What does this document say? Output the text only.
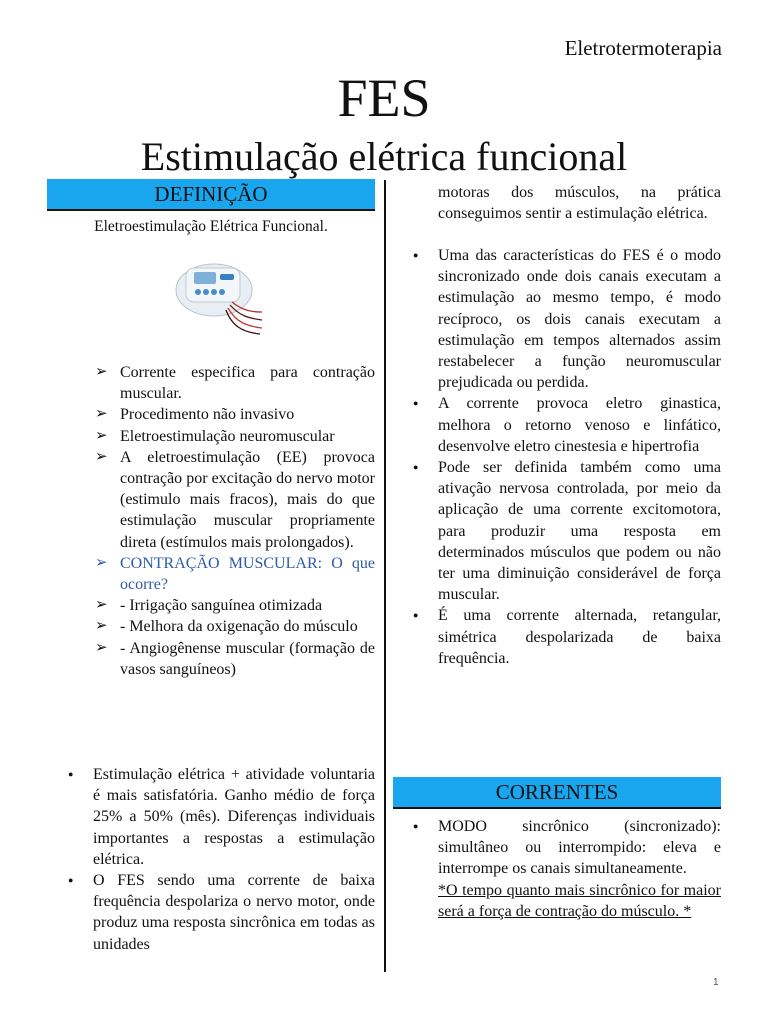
Eletrotermoterapia
FES
Estimulação elétrica funcional
DEFINIÇÃO
Eletroestimulação Elétrica Funcional.
➢ Corrente especifica para contração muscular.
➢ Procedimento não invasivo
➢ Eletroestimulação neuromuscular
➢ A eletroestimulação (EE) provoca contração por excitação do nervo motor (estimulo mais fracos), mais do que estimulação muscular propriamente direta (estímulos mais prolongados).
➢ CONTRAÇÃO MUSCULAR: O que ocorre?
➢ - Irrigação sanguínea otimizada
➢ - Melhora da oxigenação do músculo
➢ - Angiogênense muscular (formação de vasos sanguíneos)
●	Estimulação elétrica + atividade voluntaria é mais satisfatória. Ganho médio de força 25% a 50% (mês). Diferenças individuais importantes a respostas a estimulação elétrica.
●	O FES sendo uma corrente de baixa frequência despolariza o nervo motor, onde produz uma resposta sincrônica em todas as unidades
motoras dos músculos, na prática conseguimos sentir a estimulação elétrica.
●	Uma das características do FES é o modo sincronizado onde dois canais executam a estimulação ao mesmo tempo, é modo recíproco, os dois canais executam a estimulação em tempos alternados assim restabelecer a função neuromuscular prejudicada ou perdida.
●	A corrente provoca eletro ginastica, melhora o retorno venoso e linfático, desenvolve eletro cinestesia e hipertrofia
●	Pode ser definida também como uma ativação nervosa controlada, por meio da aplicação de uma corrente excitomotora, para produzir uma resposta em determinados músculos que podem ou não ter uma diminuição considerável de força muscular.
●	É uma corrente alternada, retangular, simétrica despolarizada de baixa frequência.
CORRENTES
●	MODO sincrônico (sincronizado): simultâneo ou interrompido: eleva e interrompe os canais simultaneamente.
*O tempo quanto mais sincrônico for maior será a força de contração do músculo. *
1
